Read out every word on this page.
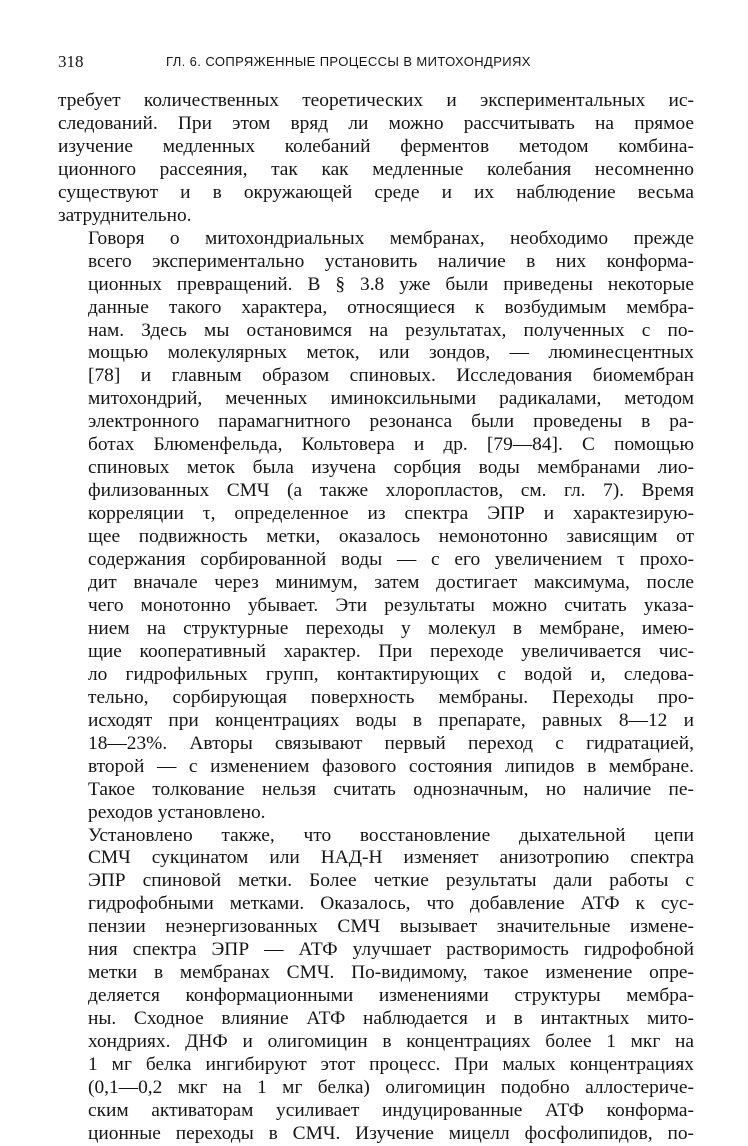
318	ГЛ. 6. СОПРЯЖЕННЫЕ ПРОЦЕССЫ В МИТОХОНДРИЯХ

требует количественных теоретических и экспериментальных ис-
следований. При этом вряд ли можно рассчитывать на прямое
изучение медленных колебаний ферментов методом комбина-
ционного рассеяния, так как медленные колебания несомненно
существуют и в окружающей среде и их наблюдение весьма
затруднительно.

Говоря о митохондриальных мембранах, необходимо прежде
всего экспериментально установить наличие в них конформа-
ционных превращений. В § 3.8 уже были приведены некоторые
данные такого характера, относящиеся к возбудимым мембра-
нам. Здесь мы остановимся на результатах, полученных с по-
мощью молекулярных меток, или зондов, — люминесцентных
[78] и главным образом спиновых. Исследования биомембран
митохондрий, меченных иминоксильными радикалами, методом
электронного парамагнитного резонанса были проведены в ра-
ботах Блюменфельда, Кольтовера и др. [79—84]. С помощью
спиновых меток была изучена сорбция воды мембранами лио-
филизованных СМЧ (а также хлоропластов, см. гл. 7). Время
корреляции τ, определенное из спектра ЭПР и характезирую-
щее подвижность метки, оказалось немонотонно зависящим от
содержания сорбированной воды — с его увеличением τ прохо-
дит вначале через минимум, затем достигает максимума, после
чего монотонно убывает. Эти результаты можно считать указа-
нием на структурные переходы у молекул в мембране, имею-
щие кооперативный характер. При переходе увеличивается чис-
ло гидрофильных групп, контактирующих с водой и, следова-
тельно, сорбирующая поверхность мембраны. Переходы про-
исходят при концентрациях воды в препарате, равных 8—12 и
18—23%. Авторы связывают первый переход с гидратацией,
второй — с изменением фазового состояния липидов в мембране.
Такое толкование нельзя считать однозначным, но наличие пе-
реходов установлено.

Установлено также, что восстановление дыхательной цепи
СМЧ сукцинатом или НАД-Н изменяет анизотропию спектра
ЭПР спиновой метки. Более четкие результаты дали работы с
гидрофобными метками. Оказалось, что добавление АТФ к сус-
пензии неэнергизованных СМЧ вызывает значительные измене-
ния спектра ЭПР — АТФ улучшает растворимость гидрофобной
метки в мембранах СМЧ. По-видимому, такое изменение опре-
деляется конформационными изменениями структуры мембра-
ны. Сходное влияние АТФ наблюдается и в интактных мито-
хондриях. ДНФ и олигомицин в концентрациях более 1 мкг на
1 мг белка ингибируют этот процесс. При малых концентрациях
(0,1—0,2 мкг на 1 мг белка) олигомицин подобно аллостериче-
ским активаторам усиливает индуцированные АТФ конформа-
ционные переходы в СМЧ. Изучение мицелл фосфолипидов, по-
